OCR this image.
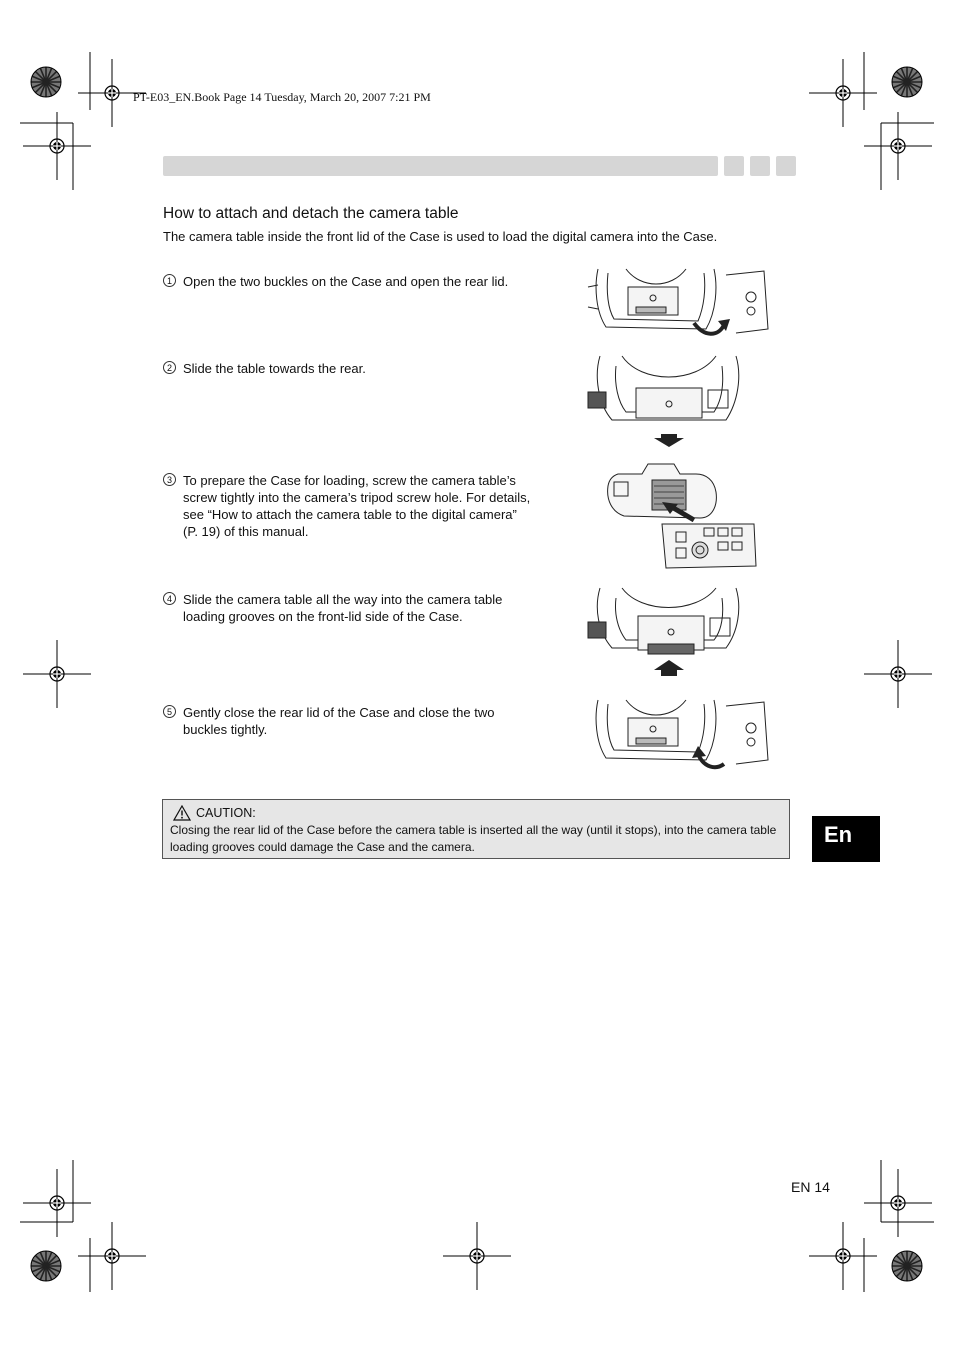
PT-E03_EN.Book Page 14 Tuesday, March 20, 2007 7:21 PM
How to attach and detach the camera table
The camera table inside the front lid of the Case is used to load the digital camera into the Case.
1 Open the two buckles on the Case and open the rear lid.
2 Slide the table towards the rear.
3 To prepare the Case for loading, screw the camera table’s screw tightly into the camera’s tripod screw hole. For details, see “How to attach the camera table to the digital camera” (P. 19) of this manual.
4 Slide the camera table all the way into the camera table loading grooves on the front-lid side of the Case.
5 Gently close the rear lid of the Case and close the two buckles tightly.
CAUTION:
Closing the rear lid of the Case before the camera table is inserted all the way (until it stops), into the camera table loading grooves could damage the Case and the camera.	En
EN 14
